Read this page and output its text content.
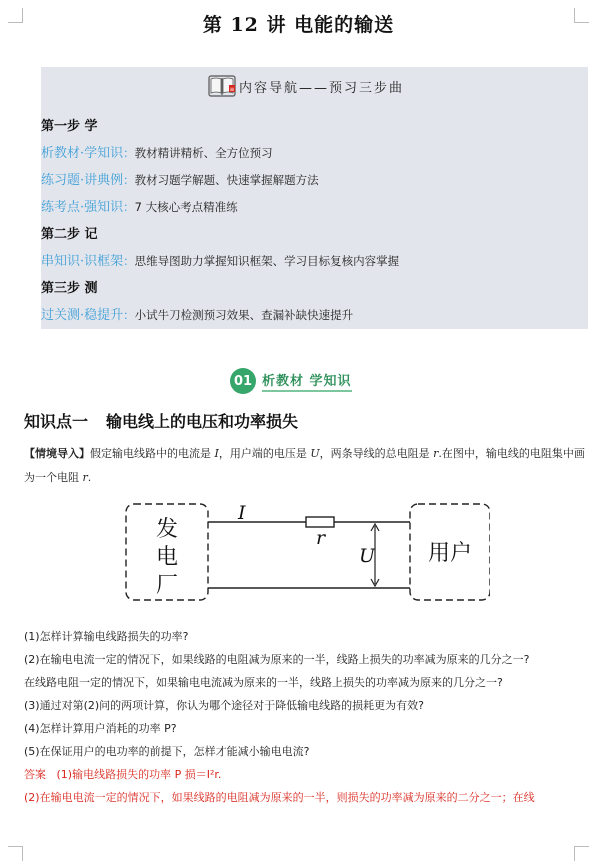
第 12 讲 电能的输送
≡ 内容导航——预习三步曲
第一步 学
析教材·学知识：教材精讲精析、全方位预习
练习题·讲典例：教材习题学解题、快速掌握解题方法
练考点·强知识：7 大核心考点精准练
第二步 记
串知识·识框架：思维导图助力掌握知识框架、学习目标复核内容掌握
第三步 测
过关测·稳提升：小试牛刀检测预习效果、查漏补缺快速提升
01 析教材 学知识
知识点一 输电线上的电压和功率损失
【情境导入】假定输电线路中的电流是 I，用户端的电压是 U，两条导线的总电阻是 r.在图中，输电线的电阻集中画为一个电阻 r.
发
电
厂
用户
I
r
U
(1)怎样计算输电线路损失的功率?
(2)在输电电流一定的情况下，如果线路的电阻减为原来的一半，线路上损失的功率减为原来的几分之一?
在线路电阻一定的情况下，如果输电电流减为原来的一半，线路上损失的功率减为原来的几分之一?
(3)通过对第(2)问的两项计算，你认为哪个途径对于降低输电线路的损耗更为有效?
(4)怎样计算用户消耗的功率 P?
(5)在保证用户的电功率的前提下，怎样才能减小输电电流?
答案 (1)输电线路损失的功率 P 损＝I²r.
(2)在输电电流一定的情况下，如果线路的电阻减为原来的一半，则损失的功率减为原来的二分之一；在线
